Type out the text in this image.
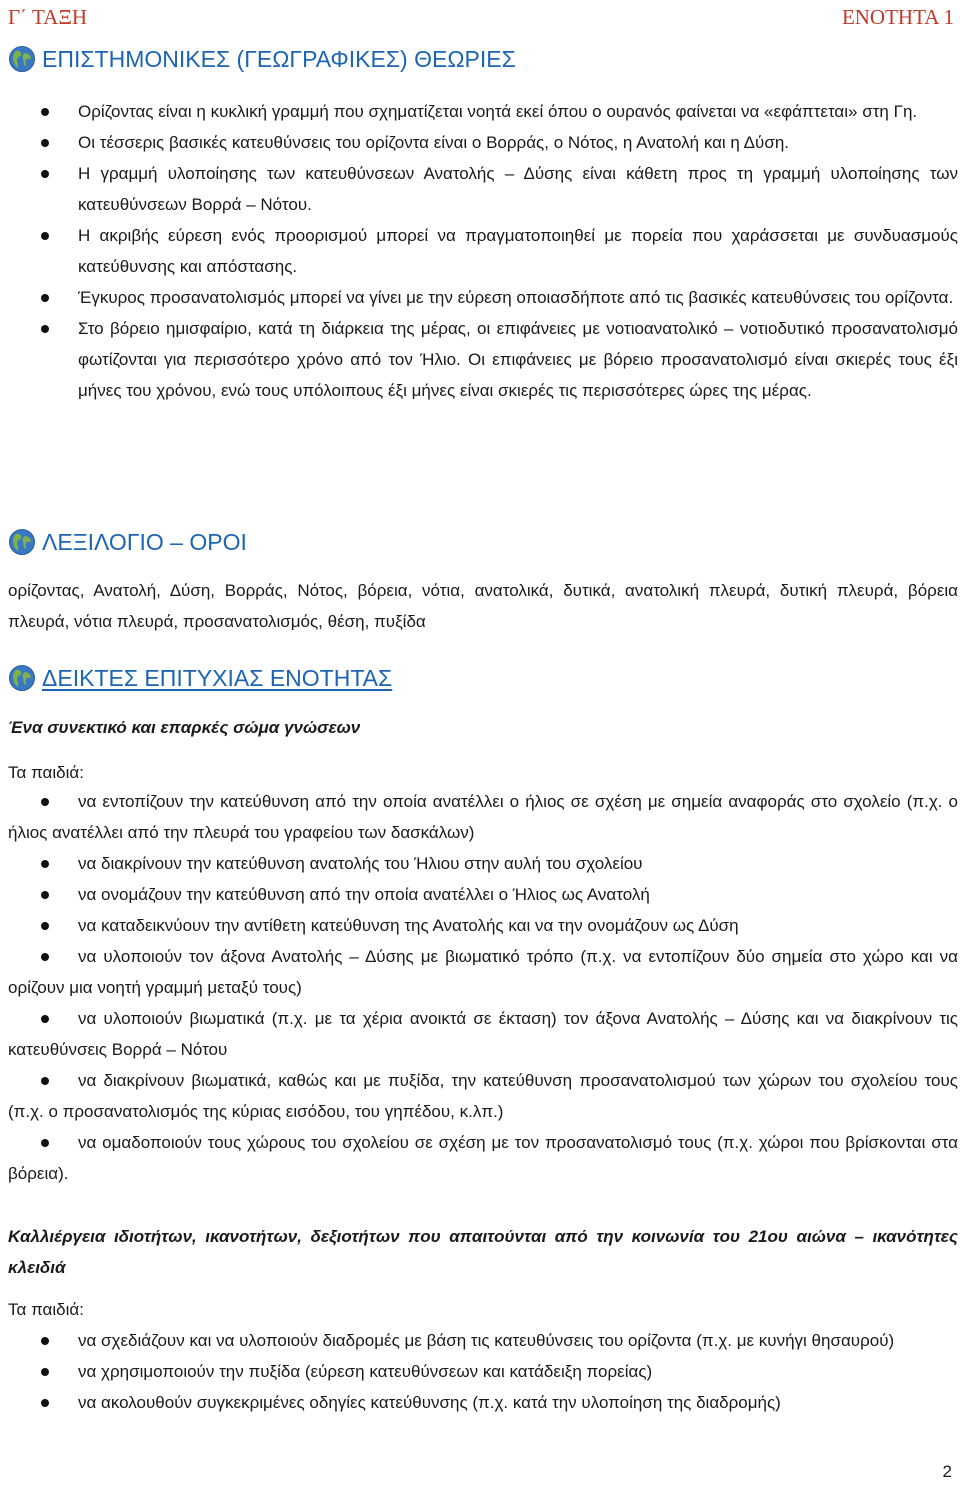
Γ΄ ΤΑΞΗ	ΕΝΟΤΗΤΑ 1
ΕΠΙΣΤΗΜΟΝΙΚΕΣ (ΓΕΩΓΡΑΦΙΚΕΣ) ΘΕΩΡΙΕΣ
Ορίζοντας είναι η κυκλική γραμμή που σχηματίζεται νοητά εκεί όπου ο ουρανός φαίνεται να «εφάπτεται» στη Γη.
Οι τέσσερις βασικές κατευθύνσεις του ορίζοντα είναι ο Βορράς, ο Νότος, η Ανατολή και η Δύση.
Η γραμμή υλοποίησης των κατευθύνσεων Ανατολής – Δύσης είναι κάθετη προς τη γραμμή υλοποίησης των κατευθύνσεων Βορρά – Νότου.
Η ακριβής εύρεση ενός προορισμού μπορεί να πραγματοποιηθεί με πορεία που χαράσσεται με συνδυασμούς κατεύθυνσης και απόστασης.
Έγκυρος προσανατολισμός μπορεί να γίνει με την εύρεση οποιασδήποτε από τις βασικές κατευθύνσεις του ορίζοντα.
Στο βόρειο ημισφαίριο, κατά τη διάρκεια της μέρας, οι επιφάνειες με νοτιοανατολικό – νοτιοδυτικό προσανατολισμό φωτίζονται για περισσότερο χρόνο από τον Ήλιο. Οι επιφάνειες με βόρειο προσανατολισμό είναι σκιερές τους έξι μήνες του χρόνου, ενώ τους υπόλοιπους έξι μήνες είναι σκιερές τις περισσότερες ώρες της μέρας.
ΛΕΞΙΛΟΓΙΟ – ΟΡΟΙ
ορίζοντας, Ανατολή, Δύση, Βορράς, Νότος, βόρεια, νότια, ανατολικά, δυτικά, ανατολική πλευρά, δυτική πλευρά, βόρεια πλευρά, νότια πλευρά, προσανατολισμός, θέση, πυξίδα
ΔΕΙΚΤΕΣ ΕΠΙΤΥΧΙΑΣ ΕΝΟΤΗΤΑΣ
Ένα συνεκτικό και επαρκές σώμα γνώσεων
Τα παιδιά:
να εντοπίζουν την κατεύθυνση από την οποία ανατέλλει ο ήλιος σε σχέση με σημεία αναφοράς στο σχολείο (π.χ. ο ήλιος ανατέλλει από την πλευρά του γραφείου των δασκάλων)
να διακρίνουν την κατεύθυνση ανατολής του Ήλιου στην αυλή του σχολείου
να ονομάζουν την κατεύθυνση από την οποία ανατέλλει ο Ήλιος ως Ανατολή
να καταδεικνύουν την αντίθετη κατεύθυνση της Ανατολής και να την ονομάζουν ως Δύση
να υλοποιούν τον άξονα Ανατολής – Δύσης με βιωματικό τρόπο (π.χ. να εντοπίζουν δύο σημεία στο χώρο και να ορίζουν μια νοητή γραμμή μεταξύ τους)
να υλοποιούν βιωματικά (π.χ. με τα χέρια ανοικτά σε έκταση) τον άξονα Ανατολής – Δύσης και να διακρίνουν τις κατευθύνσεις Βορρά – Νότου
να διακρίνουν βιωματικά, καθώς και με πυξίδα, την κατεύθυνση προσανατολισμού των χώρων του σχολείου τους (π.χ. ο προσανατολισμός της κύριας εισόδου, του γηπέδου, κ.λπ.)
να ομαδοποιούν τους χώρους του σχολείου σε σχέση με τον προσανατολισμό τους (π.χ. χώροι που βρίσκονται στα βόρεια).
Καλλιέργεια ιδιοτήτων, ικανοτήτων, δεξιοτήτων που απαιτούνται από την κοινωνία του 21ου αιώνα – ικανότητες κλειδιά
Τα παιδιά:
να σχεδιάζουν και να υλοποιούν διαδρομές με βάση τις κατευθύνσεις του ορίζοντα (π.χ. με κυνήγι θησαυρού)
να χρησιμοποιούν την πυξίδα (εύρεση κατευθύνσεων και κατάδειξη πορείας)
να ακολουθούν συγκεκριμένες οδηγίες κατεύθυνσης (π.χ. κατά την υλοποίηση της διαδρομής)
2
